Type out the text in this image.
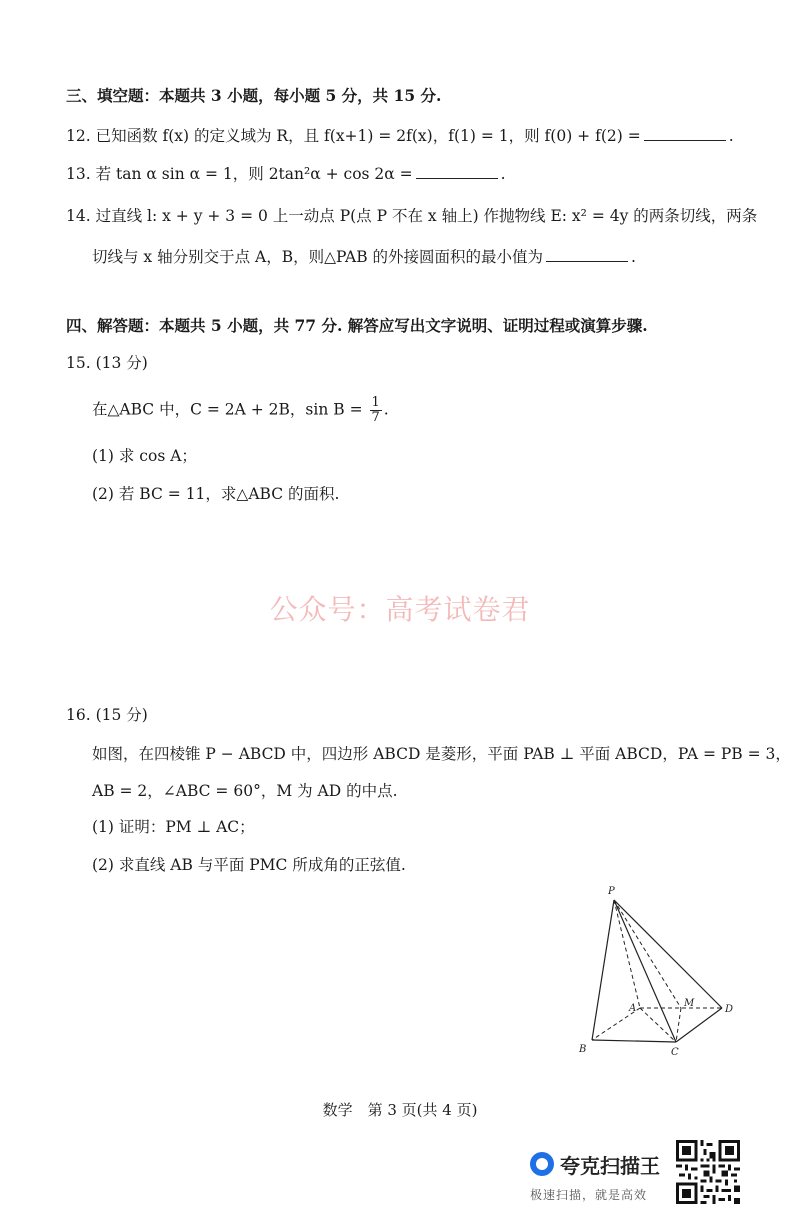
三、填空题：本题共 3 小题，每小题 5 分，共 15 分.
12. 已知函数 f(x) 的定义域为 R，且 f(x+1) = 2f(x)，f(1) = 1，则 f(0) + f(2) =	.
13. 若 tan α sin α = 1，则 2tan²α + cos 2α =	.
14. 过直线 l: x + y + 3 = 0 上一动点 P(点 P 不在 x 轴上) 作抛物线 E: x² = 4y 的两条切线，两条
切线与 x 轴分别交于点 A，B，则△PAB 的外接圆面积的最小值为	.
四、解答题：本题共 5 小题，共 77 分. 解答应写出文字说明、证明过程或演算步骤.
15. (13 分)
在△ABC 中，C = 2A + 2B，$\sin B = \frac{1}{7}$ .
(1) 求 cos A；
(2) 若 BC = 11，求△ABC 的面积.
公众号：高考试卷君
16. (15 分)
如图，在四棱锥 P − ABCD 中，四边形 ABCD 是菱形，平面 PAB ⊥ 平面 ABCD，PA = PB = 3，
AB = 2，∠ABC = 60°，M 为 AD 的中点.
(1) 证明：PM ⊥ AC；
(2) 求直线 AB 与平面 PMC 所成角的正弦值.
P
A	M
D
B	C
数学　第 3 页(共 4 页)
夸克扫描王
极速扫描，就是高效
